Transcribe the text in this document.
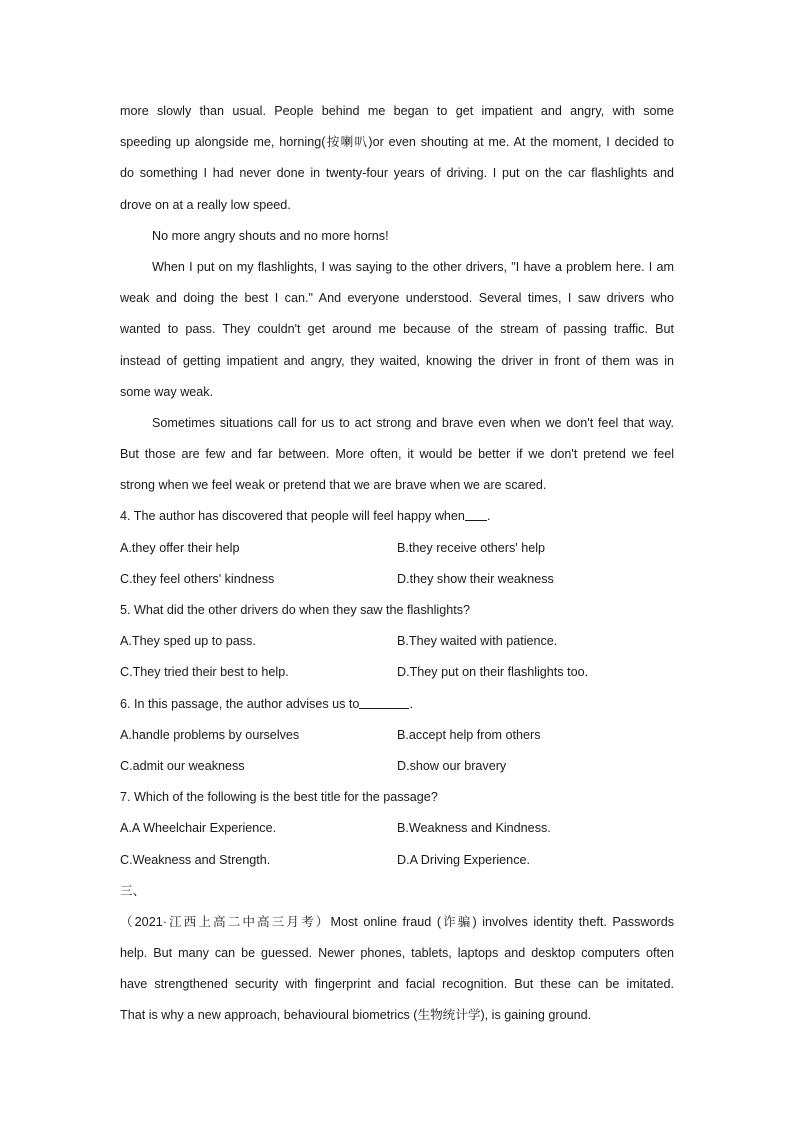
more slowly than usual. People behind me began to get impatient and angry, with some
speeding up alongside me, horning(按喇叭)or even shouting at me. At the moment, I decided to
do something I had never done in twenty-four years of driving. I put on the car flashlights and
drove on at a really low speed.
No more angry shouts and no more horns!
When I put on my flashlights, I was saying to the other drivers, "I have a problem here. I am
weak and doing the best I can." And everyone understood. Several times, I saw drivers who
wanted to pass. They couldn't get around me because of the stream of passing traffic. But
instead of getting impatient and angry, they waited, knowing the driver in front of them was in
some way weak.
Sometimes situations call for us to act strong and brave even when we don't feel that way.
But those are few and far between. More often, it would be better if we don't pretend we feel
strong when we feel weak or pretend that we are brave when we are scared.
4. The author has discovered that people will feel happy when .
A.they offer their help	B.they receive others' help
C.they feel others' kindness	D.they show their weakness
5. What did the other drivers do when they saw the flashlights?
A.They sped up to pass.	B.They waited with patience.
C.They tried their best to help.	D.They put on their flashlights too.
6. In this passage, the author advises us to	.
A.handle problems by ourselves	B.accept help from others
C.admit our weakness	D.show our bravery
7. Which of the following is the best title for the passage?
A.A Wheelchair Experience.	B.Weakness and Kindness.
C.Weakness and Strength.	D.A Driving Experience.
三、
（2021·江西上高二中高三月考）Most online fraud (诈骗) involves identity theft. Passwords
help. But many can be guessed. Newer phones, tablets, laptops and desktop computers often
have strengthened security with fingerprint and facial recognition. But these can be imitated.
That is why a new approach, behavioural biometrics (生物统计学), is gaining ground.
